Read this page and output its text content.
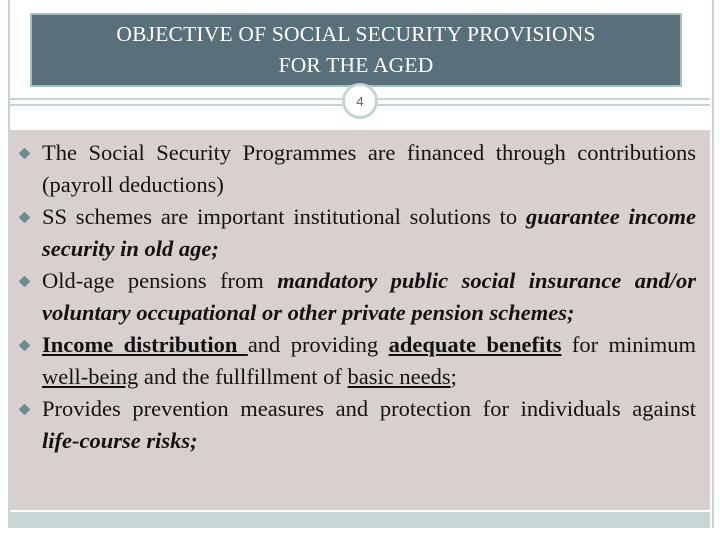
OBJECTIVE OF SOCIAL SECURITY PROVISIONS
FOR THE AGED
4
The Social Security Programmes are financed through contributions (payroll deductions)
SS schemes are important institutional solutions to guarantee income security in old age;
Old-age pensions from mandatory public social insurance and/or voluntary occupational or other private pension schemes;
Income distribution and providing adequate benefits for minimum well-being and the fullfillment of basic needs;
Provides prevention measures and protection for individuals against life-course risks;
